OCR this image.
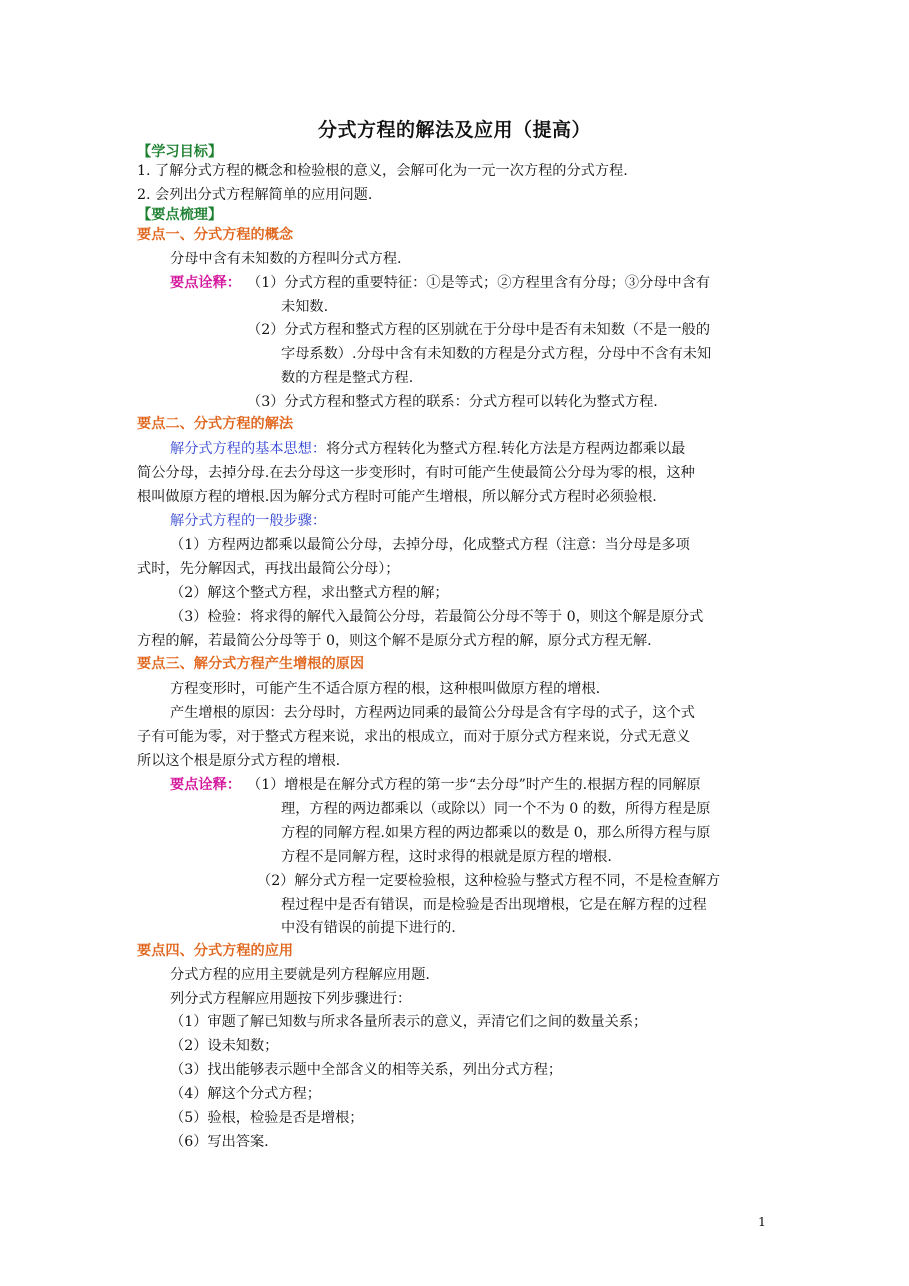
分式方程的解法及应用（提高）
【学习目标】
1. 了解分式方程的概念和检验根的意义，会解可化为一元一次方程的分式方程.
2. 会列出分式方程解简单的应用问题.
【要点梳理】
要点一、分式方程的概念
分母中含有未知数的方程叫分式方程.
要点诠释： （1）分式方程的重要特征：①是等式；②方程里含有分母；③分母中含有
未知数.
（2）分式方程和整式方程的区别就在于分母中是否有未知数（不是一般的
字母系数）.分母中含有未知数的方程是分式方程，分母中不含有未知
数的方程是整式方程.
（3）分式方程和整式方程的联系：分式方程可以转化为整式方程.
要点二、分式方程的解法
解分式方程的基本思想：将分式方程转化为整式方程.转化方法是方程两边都乘以最
简公分母，去掉分母.在去分母这一步变形时，有时可能产生使最简公分母为零的根，这种
根叫做原方程的增根.因为解分式方程时可能产生增根，所以解分式方程时必须验根.
解分式方程的一般步骤：
（1）方程两边都乘以最简公分母，去掉分母，化成整式方程（注意：当分母是多项
式时，先分解因式，再找出最简公分母）；
（2）解这个整式方程，求出整式方程的解；
（3）检验：将求得的解代入最简公分母，若最简公分母不等于 0，则这个解是原分式
方程的解，若最简公分母等于 0，则这个解不是原分式方程的解，原分式方程无解.
要点三、解分式方程产生增根的原因
方程变形时，可能产生不适合原方程的根，这种根叫做原方程的增根.
产生增根的原因：去分母时，方程两边同乘的最简公分母是含有字母的式子，这个式
子有可能为零，对于整式方程来说，求出的根成立，而对于原分式方程来说，分式无意义
所以这个根是原分式方程的增根.
要点诠释： （1）增根是在解分式方程的第一步“去分母”时产生的.根据方程的同解原
理，方程的两边都乘以（或除以）同一个不为 0 的数，所得方程是原
方程的同解方程.如果方程的两边都乘以的数是 0，那么所得方程与原
方程不是同解方程，这时求得的根就是原方程的增根.
（2）解分式方程一定要检验根，这种检验与整式方程不同，不是检查解方
程过程中是否有错误，而是检验是否出现增根，它是在解方程的过程
中没有错误的前提下进行的.
要点四、分式方程的应用
分式方程的应用主要就是列方程解应用题.
列分式方程解应用题按下列步骤进行：
（1）审题了解已知数与所求各量所表示的意义，弄清它们之间的数量关系；
（2）设未知数；
（3）找出能够表示题中全部含义的相等关系，列出分式方程；
（4）解这个分式方程；
（5）验根，检验是否是增根；
（6）写出答案.
1
